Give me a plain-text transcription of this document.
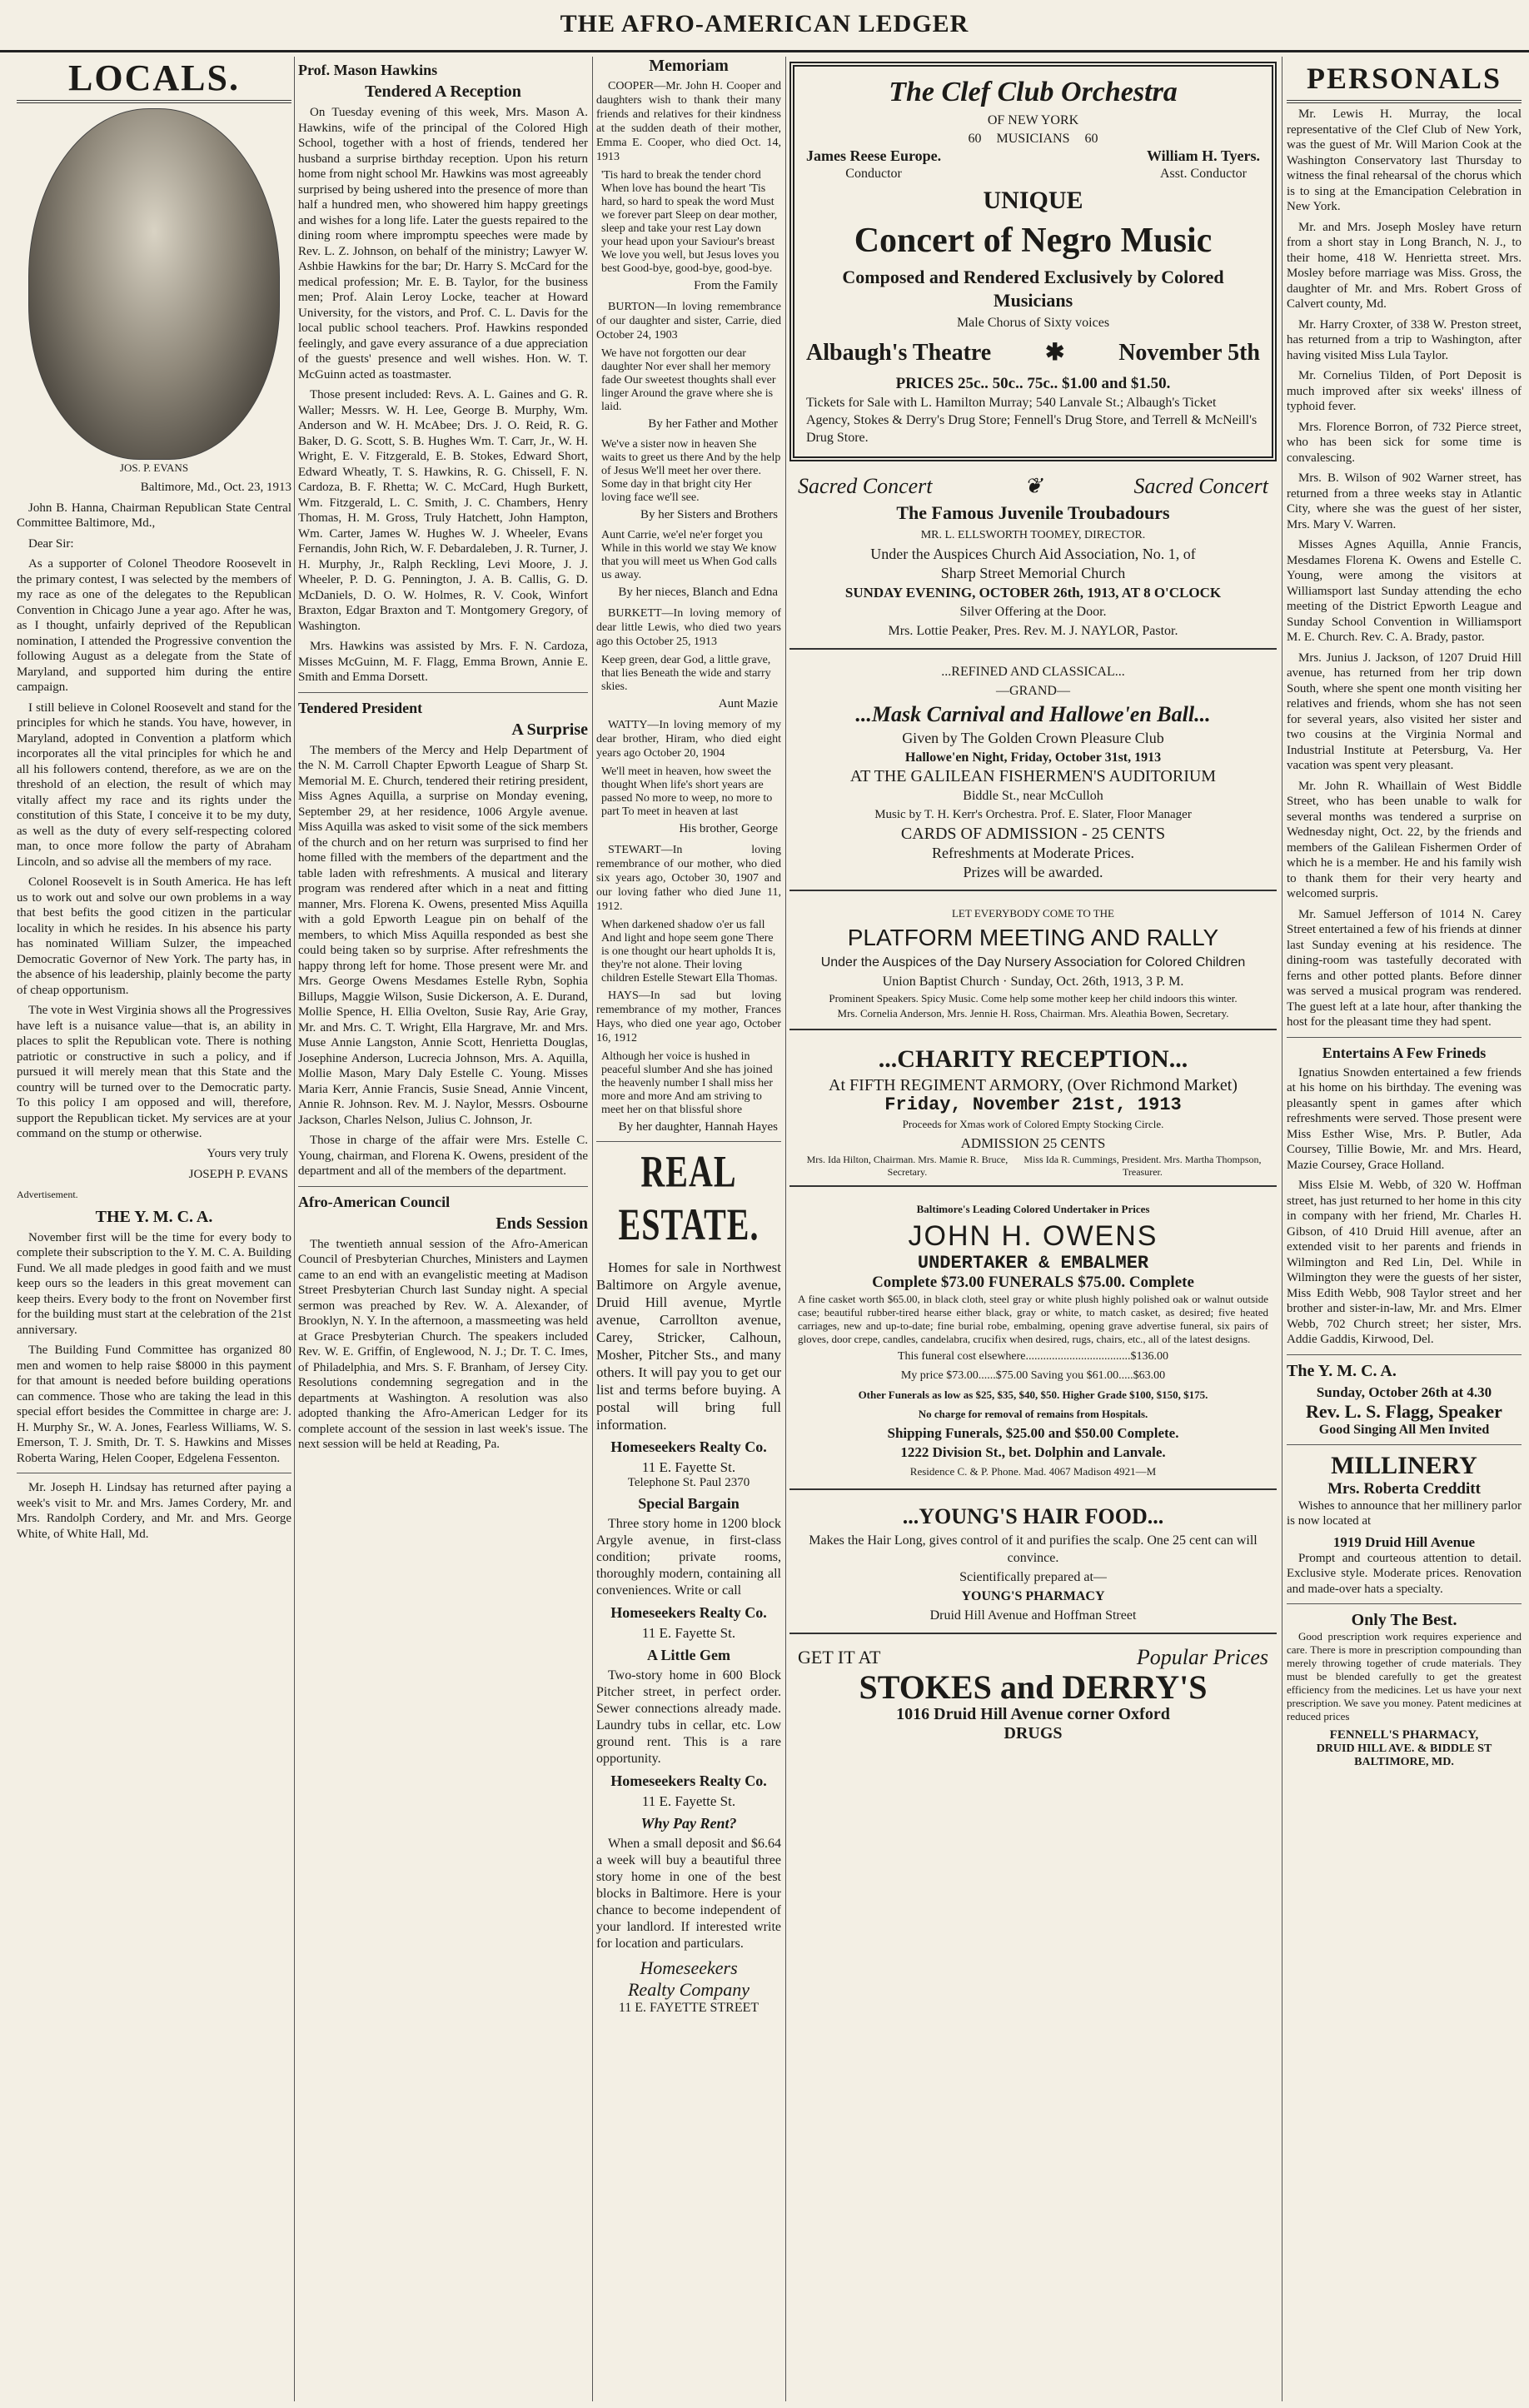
THE AFRO-AMERICAN LEDGER
LOCALS.
JOS. P. EVANS

Baltimore, Md., Oct. 23, 1913

John B. Hanna, Chairman Republican State Central Committee Baltimore, Md.,

Dear Sir:

As a supporter of Colonel Theodore Roosevelt in the primary contest, I was selected by the members of my race as one of the delegates to the Republican Convention in Chicago June a year ago. After he was, as I thought, unfairly deprived of the Republican nomination, I attended the Progressive convention the following August as a delegate from the State of Maryland, and supported him during the entire campaign.

I still believe in Colonel Roosevelt and stand for the principles for which he stands. You have, however, in Maryland, adopted in Convention a platform which incorporates all the vital principles for which he and all his followers contend, therefore, as we are on the threshold of an election, the result of which may vitally affect my race and its rights under the constitution of this State, I conceive it to be my duty, as well as the duty of every self-respecting colored man, to once more follow the party of Abraham Lincoln, and so advise all the members of my race.

Colonel Roosevelt is in South America. He has left us to work out and solve our own problems in a way that best befits the good citizen in the particular locality in which he resides. In his absence his party has nominated William Sulzer, the impeached Democratic Governor of New York. The party has, in the absence of his leadership, plainly become the party of cheap opportunism.

The vote in West Virginia shows all the Progressives have left is a nuisance value—that is, an ability in places to split the Republican vote. There is nothing patriotic or constructive in such a policy, and if pursued it will merely mean that this State and the country will be turned over to the Democratic party. To this policy I am opposed and will, therefore, support the Republican ticket. My services are at your command on the stump or otherwise.

Yours very truly
JOSEPH P. EVANS
Advertisement.
THE Y. M. C. A.

November first will be the time for every body to complete their subscription to the Y. M. C. A. Building Fund. We all made pledges in good faith and we must keep ours so the leaders in this great movement can keep theirs. Every body to the front on November first for the building must start at the celebration of the 21st anniversary.

The Building Fund Committee has organized 80 men and women to help raise $8000 in this payment for that amount is needed before building operations can commence. Those who are taking the lead in this special effort besides the Committee in charge are: J. H. Murphy Sr., W. A. Jones, Fearless Williams, W. S. Emerson, T. J. Smith, Dr. T. S. Hawkins and Misses Roberta Waring, Helen Cooper, Edgelena Fessenton.

Mr. Joseph H. Lindsay has returned after paying a week's visit to Mr. and Mrs. James Cordery, Mr. and Mrs. Randolph Cordery, and Mr. and Mrs. George White, of White Hall, Md.

Prof. Mason Hawkins
Tendered A Reception

On Tuesday evening of this week, Mrs. Mason A. Hawkins, wife of the principal of the Colored High School, together with a host of friends, tendered her husband a surprise birthday reception. Upon his return home from night school Mr. Hawkins was most agreeably surprised by being ushered into the presence of more than half a hundred men, who showered him happy greetings and wishes for a long life. Later the guests repaired to the dining room where impromptu speeches were made by Rev. L. Z. Johnson, on behalf of the ministry; Lawyer W. Ashbie Hawkins for the bar; Dr. Harry S. McCard for the medical profession; Mr. E. B. Taylor, for the business men; Prof. Alain Leroy Locke, teacher at Howard University, for the vistors, and Prof. C. L. Davis for the local public school teachers. Prof. Hawkins responded feelingly, and gave every assurance of a due appreciation of the guests' presence and well wishes. Hon. W. T. McGuinn acted as toastmaster.

Those present included: Revs. A. L. Gaines and G. R. Waller; Messrs. W. H. Lee, George B. Murphy, Wm. Anderson and W. H. McAbee; Drs. J. O. Reid, R. G. Baker, D. G. Scott, S. B. Hughes Wm. T. Carr, Jr., W. H. Wright, E. V. Fitzgerald, E. B. Stokes, Edward Short, Edward Wheatly, T. S. Hawkins, R. G. Chissell, F. N. Cardoza, B. F. Rhetta; W. C. McCard, Hugh Burkett, Wm. Fitzgerald, L. C. Smith, J. C. Chambers, Henry Thomas, H. M. Gross, Truly Hatchett, John Hampton, Wm. Carter, James W. Hughes W. J. Wheeler, Evans Fernandis, John Rich, W. F. Debardaleben, J. R. Turner, J. H. Murphy, Jr., Ralph Reckling, Levi Moore, J. J. Wheeler, P. D. G. Pennington, J. A. B. Callis, G. D. McDaniels, D. O. W. Holmes, R. V. Cook, Winfort Braxton, Edgar Braxton and T. Montgomery Gregory, of Washington.

Mrs. Hawkins was assisted by Mrs. F. N. Cardoza, Misses McGuinn, M. F. Flagg, Emma Brown, Annie E. Smith and Emma Dorsett.

Tendered President
A Surprise

The members of the Mercy and Help Department of the N. M. Carroll Chapter Epworth League of Sharp St. Memorial M. E. Church, tendered their retiring president, Miss Agnes Aquilla, a surprise on Monday evening, September 29, at her residence, 1006 Argyle avenue. Miss Aquilla was asked to visit some of the sick members of the church and on her return was surprised to find her home filled with the members of the department and the table laden with refreshments. A musical and literary program was rendered after which in a neat and fitting manner, Mrs. Florena K. Owens, presented Miss Aquilla with a gold Epworth League pin on behalf of the members, to which Miss Aquilla responded as best she could being taken so by surprise. After refreshments the happy throng left for home. Those present were Mr. and Mrs. George Owens Mesdames Estelle Rybn, Sophia Billups, Maggie Wilson, Susie Dickerson, A. E. Durand, Mollie Spence, H. Ellia Ovelton, Susie Ray, Arie Gray, Mr. and Mrs. C. T. Wright, Ella Hargrave, Mr. and Mrs. Muse Annie Langston, Annie Scott, Henrietta Douglas, Josephine Anderson, Lucrecia Johnson, Mrs. A. Aquilla, Mollie Mason, Mary Daly Estelle C. Young. Misses Maria Kerr, Annie Francis, Susie Snead, Annie Vincent, Annie R. Johnson. Rev. M. J. Naylor, Messrs. Osbourne Jackson, Charles Nelson, Julius C. Johnson, Jr.

Those in charge of the affair were Mrs. Estelle C. Young, chairman, and Florena K. Owens, president of the department and all of the members of the department.

Afro-American Council
Ends Session

The twentieth annual session of the Afro-American Council of Presbyterian Churches, Ministers and Laymen came to an end with an evangelistic meeting at Madison Street Presbyterian Church last Sunday night. A special sermon was preached by Rev. W. A. Alexander, of Brooklyn, N. Y. In the afternoon, a massmeeting was held at Grace Presbyterian Church. The speakers included Rev. W. E. Griffin, of Englewood, N. J.; Dr. T. C. Imes, of Philadelphia, and Mrs. S. F. Branham, of Jersey City. Resolutions condemning segregation and in the departments at Washington. A resolution was also adopted thanking the Afro-American Ledger for its complete account of the session in last week's issue. The next session will be held at Reading, Pa.

Memoriam

COOPER—Mr. John H. Cooper and daughters wish to thank their many friends and relatives for their kindness at the sudden death of their mother, Emma E. Cooper, who died Oct. 14, 1913

'Tis hard to break the tender chord When love has bound the heart 'Tis hard, so hard to speak the word Must we forever part Sleep on dear mother, sleep and take your rest Lay down your head upon your Saviour's breast We love you well, but Jesus loves you best Good-bye, good-bye, good-bye.
From the Family

BURTON—In loving remembrance of our daughter and sister, Carrie, died October 24, 1903

We have not forgotten our dear daughter Nor ever shall her memory fade Our sweetest thoughts shall ever linger Around the grave where she is laid.
By her Father and Mother
We've a sister now in heaven She waits to greet us there And by the help of Jesus We'll meet her over there. Some day in that bright city Her loving face we'll see.
By her Sisters and Brothers
Aunt Carrie, we'el ne'er forget you While in this world we stay We know that you will meet us When God calls us away.
By her nieces, Blanch and Edna

BURKETT—In loving memory of dear little Lewis, who died two years ago this October 25, 1913

Keep green, dear God, a little grave, that lies Beneath the wide and starry skies.
Aunt Mazie

WATTY—In loving memory of my dear brother, Hiram, who died eight years ago October 20, 1904

We'll meet in heaven, how sweet the thought When life's short years are passed No more to weep, no more to part To meet in heaven at last
His brother, George

STEWART—In loving remembrance of our mother, who died six years ago, October 30, 1907 and our loving father who died June 11, 1912.

When darkened shadow o'er us fall And light and hope seem gone There is one thought our heart upholds It is, they're not alone. Their loving children Estelle Stewart Ella Thomas.

HAYS—In sad but loving remembrance of my mother, Frances Hays, who died one year ago, October 16, 1912

Although her voice is hushed in peaceful slumber And she has joined the heavenly number I shall miss her more and more And am striving to meet her on that blissful shore
By her daughter, Hannah Hayes
REAL ESTATE.

Homes for sale in Northwest Baltimore on Argyle avenue, Druid Hill avenue, Myrtle avenue, Carrollton avenue, Carey, Stricker, Calhoun, Mosher, Pitcher Sts., and many others. It will pay you to get our list and terms before buying. A postal will bring full information.

Homeseekers Realty Co.
11 E. Fayette St.
Telephone St. Paul 2370
Special Bargain

Three story home in 1200 block Argyle avenue, in first-class condition; private rooms, thoroughly modern, containing all conveniences. Write or call

Homeseekers Realty Co.
11 E. Fayette St.
A Little Gem

Two-story home in 600 Block Pitcher street, in perfect order. Sewer connections already made. Laundry tubs in cellar, etc. Low ground rent. This is a rare opportunity.

Homeseekers Realty Co.
11 E. Fayette St.
Why Pay Rent?

When a small deposit and $6.64 a week will buy a beautiful three story home in one of the best blocks in Baltimore. Here is your chance to become independent of your landlord. If interested write for location and particulars.

Homeseekers
Realty Company
11 E. FAYETTE STREET
The Clef Club Orchestra
OF NEW YORK
60 MUSICIANS 60
James Reese Europe.
Conductor
William H. Tyers.
Asst. Conductor
UNIQUE
Concert of Negro Music
Composed and Rendered Exclusively by Colored Musicians
Male Chorus of Sixty voices
Albaugh's Theatre ✱ November 5th
PRICES 25c.. 50c.. 75c.. $1.00 and $1.50.
Tickets for Sale with L. Hamilton Murray; 540 Lanvale St.; Albaugh's Ticket Agency, Stokes & Derry's Drug Store; Fennell's Drug Store, and Terrell & McNeill's Drug Store.
Sacred Concert	❦	Sacred Concert
The Famous Juvenile Troubadours
MR. L. ELLSWORTH TOOMEY, DIRECTOR.
Under the Auspices Church Aid Association, No. 1, of
Sharp Street Memorial Church
SUNDAY EVENING, OCTOBER 26th, 1913, AT 8 O'CLOCK
Silver Offering at the Door.
Mrs. Lottie Peaker, Pres. Rev. M. J. NAYLOR, Pastor.
...REFINED AND CLASSICAL...
—GRAND—
...Mask Carnival and Hallowe'en Ball...
Given by The Golden Crown Pleasure Club
Hallowe'en Night, Friday, October 31st, 1913
AT THE GALILEAN FISHERMEN'S AUDITORIUM
Biddle St., near McCulloh
Music by T. H. Kerr's Orchestra. Prof. E. Slater, Floor Manager
CARDS OF ADMISSION - 25 CENTS
Refreshments at Moderate Prices.
Prizes will be awarded.
LET EVERYBODY COME TO THE
PLATFORM MEETING AND RALLY
Under the Auspices of the Day Nursery Association for Colored Children
Union Baptist Church · Sunday, Oct. 26th, 1913, 3 P. M.
Prominent Speakers. Spicy Music. Come help some mother keep her child indoors this winter.
Mrs. Cornelia Anderson, Mrs. Jennie H. Ross, Chairman. Mrs. Aleathia Bowen, Secretary.
...CHARITY RECEPTION...
At FIFTH REGIMENT ARMORY, (Over Richmond Market)
Friday, November 21st, 1913
Proceeds for Xmas work of Colored Empty Stocking Circle.
ADMISSION 25 CENTS
Mrs. Ida Hilton, Chairman. Mrs. Mamie R. Bruce, Secretary.
Miss Ida R. Cummings, President. Mrs. Martha Thompson, Treasurer.
Baltimore's Leading Colored Undertaker in Prices
JOHN H. OWENS
UNDERTAKER & EMBALMER
Complete $73.00 FUNERALS $75.00. Complete
A fine casket worth $65.00, in black cloth, steel gray or white plush highly polished oak or walnut outside case; beautiful rubber-tired hearse either black, gray or white, to match casket, as desired; five heated carriages, new and up-to-date; fine burial robe, embalming, opening grave advertise funeral, six pairs of gloves, door crepe, candles, candelabra, crucifix when desired, rugs, chairs, etc., all of the latest designs.
This funeral cost elsewhere....................................$136.00
My price $73.00......$75.00 Saving you $61.00.....$63.00
Other Funerals as low as $25, $35, $40, $50. Higher Grade $100, $150, $175.
No charge for removal of remains from Hospitals.
Shipping Funerals, $25.00 and $50.00 Complete.
1222 Division St., bet. Dolphin and Lanvale.
Residence C. & P. Phone. Mad. 4067 Madison 4921—M
...YOUNG'S HAIR FOOD...
Makes the Hair Long, gives control of it and purifies the scalp. One 25 cent can will convince.
Scientifically prepared at—
YOUNG'S PHARMACY
Druid Hill Avenue and Hoffman Street
GET IT AT	Popular Prices
STOKES and DERRY'S
1016 Druid Hill Avenue corner Oxford
DRUGS
PERSONALS

Mr. Lewis H. Murray, the local representative of the Clef Club of New York, was the guest of Mr. Will Marion Cook at the Washington Conservatory last Thursday to witness the final rehearsal of the chorus which is to sing at the Emancipation Celebration in New York.

Mr. and Mrs. Joseph Mosley have return from a short stay in Long Branch, N. J., to their home, 418 W. Henrietta street. Mrs. Mosley before marriage was Miss. Gross, the daughter of Mr. and Mrs. Robert Gross of Calvert county, Md.

Mr. Harry Croxter, of 338 W. Preston street, has returned from a trip to Washington, after having visited Miss Lula Taylor.

Mr. Cornelius Tilden, of Port Deposit is much improved after six weeks' illness of typhoid fever.

Mrs. Florence Borron, of 732 Pierce street, who has been sick for some time is convalescing.

Mrs. B. Wilson of 902 Warner street, has returned from a three weeks stay in Atlantic City, where she was the guest of her sister, Mrs. Mary V. Warren.

Misses Agnes Aquilla, Annie Francis, Mesdames Florena K. Owens and Estelle C. Young, were among the visitors at Williamsport last Sunday attending the echo meeting of the District Epworth League and Sunday School Convention in Williamsport M. E. Church. Rev. C. A. Brady, pastor.

Mrs. Junius J. Jackson, of 1207 Druid Hill avenue, has returned from her trip down South, where she spent one month visiting her relatives and friends, whom she has not seen for several years, also visited her sister and two cousins at the Virginia Normal and Industrial Institute at Petersburg, Va. Her vacation was spent very pleasant.

Mr. John R. Whaillain of West Biddle Street, who has been unable to walk for several months was tendered a surprise on Wednesday night, Oct. 22, by the friends and members of the Galilean Fishermen Order of which he is a member. He and his family wish to thank them for their very hearty and welcomed surpris.

Mr. Samuel Jefferson of 1014 N. Carey Street entertained a few of his friends at dinner last Sunday evening at his residence. The dining-room was tastefully decorated with ferns and other potted plants. Before dinner was served a musical program was rendered. The guest left at a late hour, after thanking the host for the pleasant time they had spent.

Entertains A Few Frineds

Ignatius Snowden entertained a few friends at his home on his birthday. The evening was pleasantly spent in games after which refreshments were served. Those present were Miss Esther Wise, Mrs. P. Butler, Ada Coursey, Tillie Bowie, Mr. and Mrs. Heard, Mazie Coursey, Grace Holland.

Miss Elsie M. Webb, of 320 W. Hoffman street, has just returned to her home in this city in company with her friend, Mr. Charles H. Gibson, of 410 Druid Hill avenue, after an extended visit to her parents and friends in Wilmington and Red Lin, Del. While in Wilmington they were the guests of her sister, Miss Edith Webb, 908 Taylor street and her brother and sister-in-law, Mr. and Mrs. Elmer Webb, 702 Church street; her sister, Mrs. Addie Gaddis, Kirwood, Del.

The Y. M. C. A.
Sunday, October 26th at 4.30
Rev. L. S. Flagg, Speaker
Good Singing All Men Invited
MILLINERY
Mrs. Roberta Credditt

Wishes to announce that her millinery parlor is now located at

1919 Druid Hill Avenue

Prompt and courteous attention to detail. Exclusive style. Moderate prices. Renovation and made-over hats a specialty.

Only The Best.

Good prescription work requires experience and care. There is more in prescription compounding than merely throwing together of crude materials. They must be blended carefully to get the greatest efficiency from the medicines. Let us have your next prescription. We save you money. Patent medicines at reduced prices

FENNELL'S PHARMACY,
DRUID HILL AVE. & BIDDLE ST
BALTIMORE, MD.
